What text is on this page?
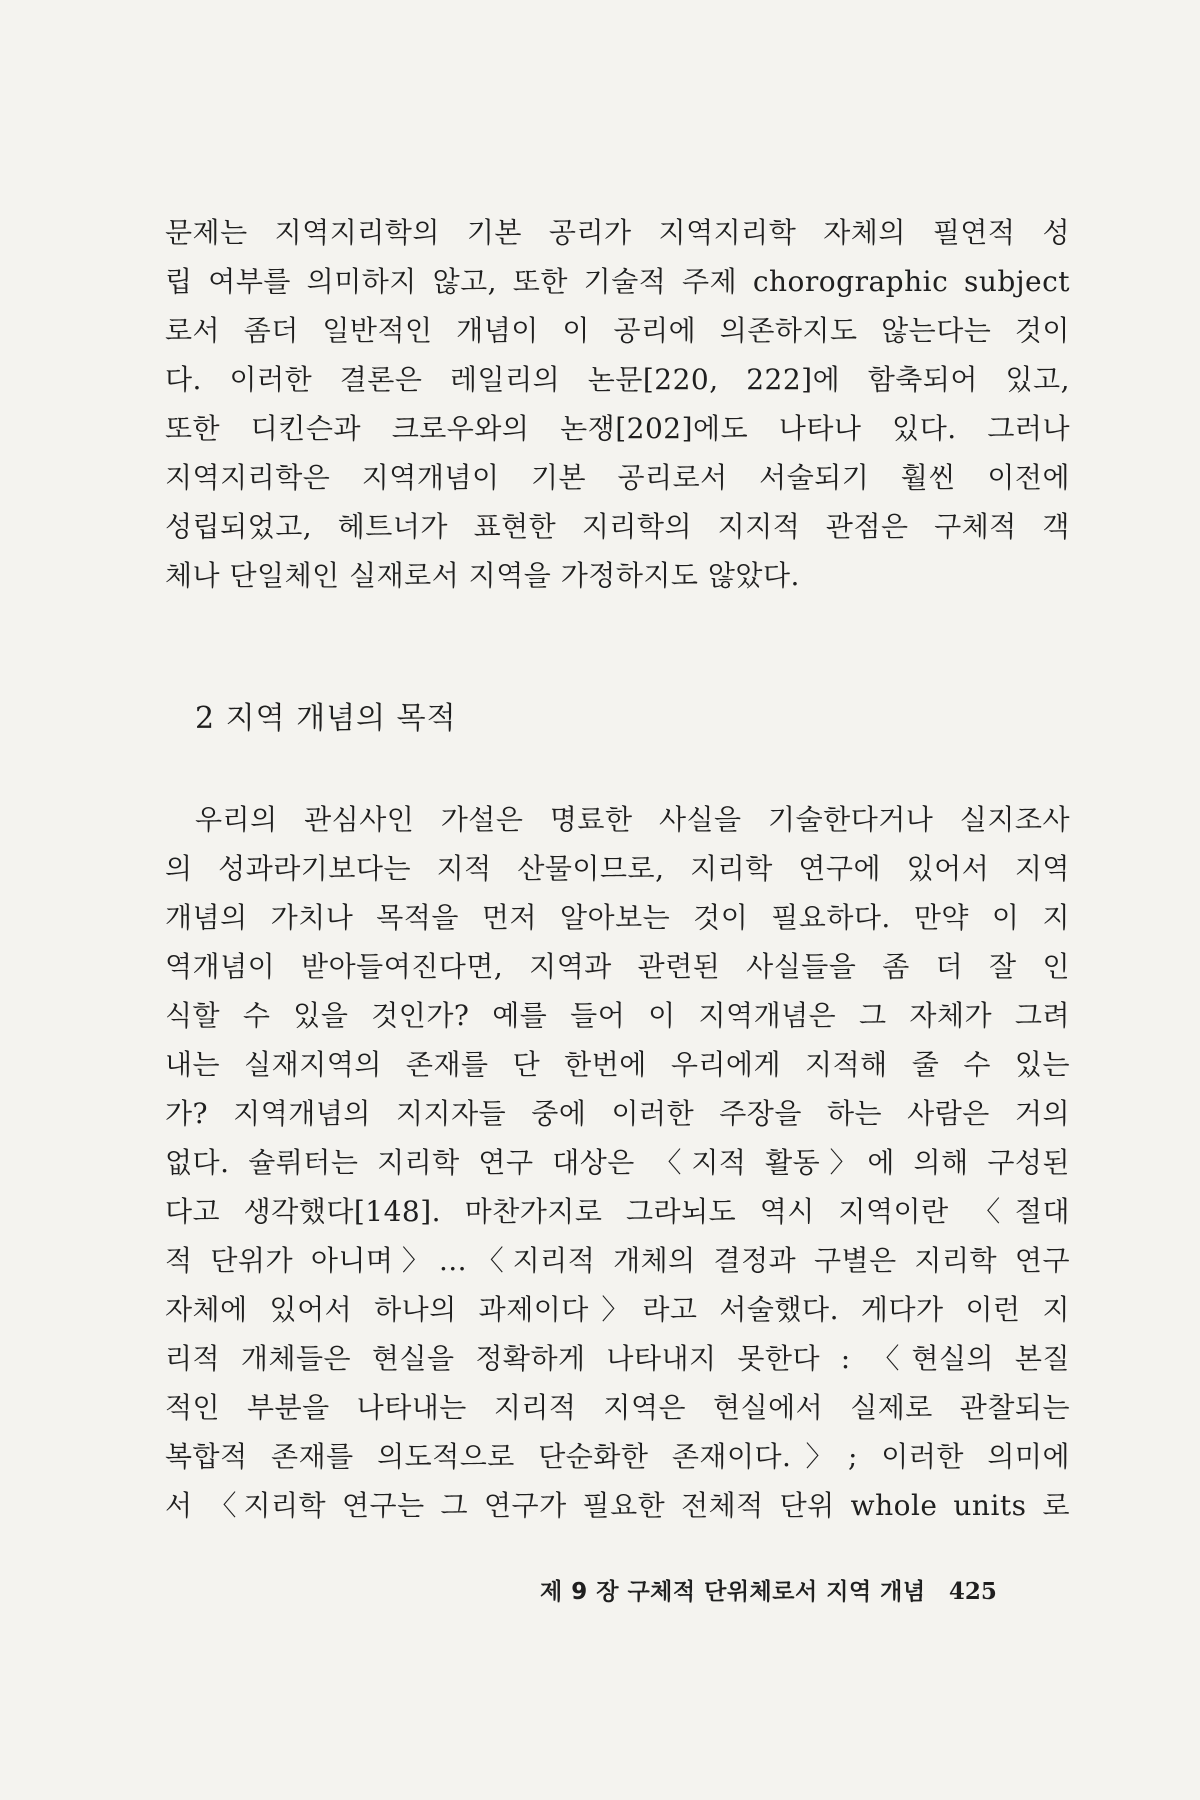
문제는 지역지리학의 기본 공리가 지역지리학 자체의 필연적 성
립 여부를 의미하지 않고, 또한 기술적 주제 chorographic subject
로서 좀더 일반적인 개념이 이 공리에 의존하지도 않는다는 것이
다. 이러한 결론은 레일리의 논문[220, 222]에 함축되어 있고,
또한 디킨슨과 크로우와의 논쟁[202]에도 나타나 있다. 그러나
지역지리학은 지역개념이 기본 공리로서 서술되기 훨씬 이전에
성립되었고, 헤트너가 표현한 지리학의 지지적 관점은 구체적 객
체나 단일체인 실재로서 지역을 가정하지도 않았다.
2 지역 개념의 목적
우리의 관심사인 가설은 명료한 사실을 기술한다거나 실지조사
의 성과라기보다는 지적 산물이므로, 지리학 연구에 있어서 지역
개념의 가치나 목적을 먼저 알아보는 것이 필요하다. 만약 이 지
역개념이 받아들여진다면, 지역과 관련된 사실들을 좀 더 잘 인
식할 수 있을 것인가? 예를 들어 이 지역개념은 그 자체가 그려
내는 실재지역의 존재를 단 한번에 우리에게 지적해 줄 수 있는
가? 지역개념의 지지자들 중에 이러한 주장을 하는 사람은 거의
없다. 슐뤼터는 지리학 연구 대상은 〈지적 활동〉에 의해 구성된
다고 생각했다[148]. 마찬가지로 그라뇌도 역시 지역이란 〈절대
적 단위가 아니며〉…〈지리적 개체의 결정과 구별은 지리학 연구
자체에 있어서 하나의 과제이다〉라고 서술했다. 게다가 이런 지
리적 개체들은 현실을 정확하게 나타내지 못한다 : 〈현실의 본질
적인 부분을 나타내는 지리적 지역은 현실에서 실제로 관찰되는
복합적 존재를 의도적으로 단순화한 존재이다.〉; 이러한 의미에
서 〈지리학 연구는 그 연구가 필요한 전체적 단위 whole units 로
제 9 장 구체적 단위체로서 지역 개념 425
